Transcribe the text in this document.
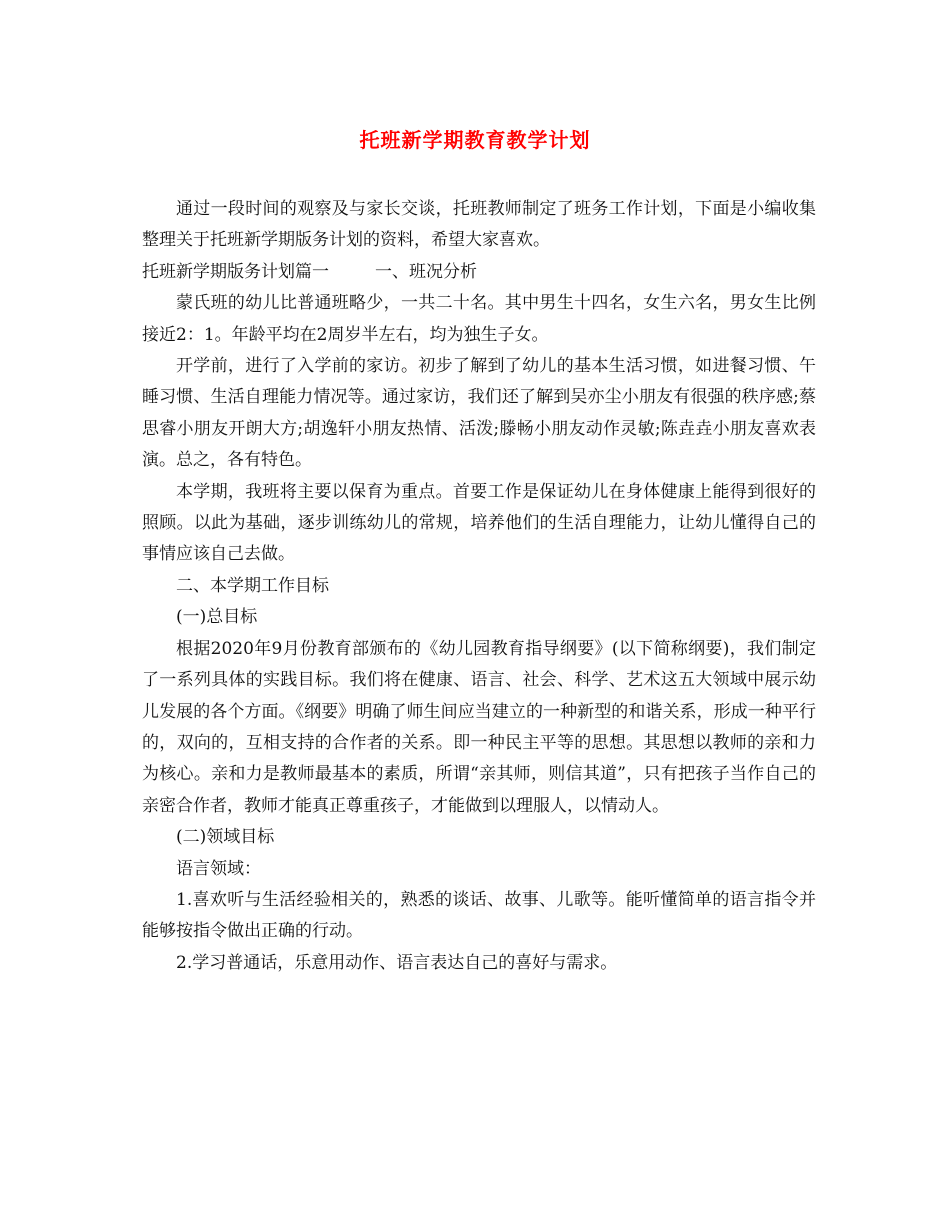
托班新学期教育教学计划

通过一段时间的观察及与家长交谈，托班教师制定了班务工作计划，下面是小编收集整理关于托班新学期版务计划的资料，希望大家喜欢。

托班新学期版务计划篇一	一、班况分析

蒙氏班的幼儿比普通班略少，一共二十名。其中男生十四名，女生六名，男女生比例接近2：1。年龄平均在2周岁半左右，均为独生子女。

开学前，进行了入学前的家访。初步了解到了幼儿的基本生活习惯，如进餐习惯、午睡习惯、生活自理能力情况等。通过家访，我们还了解到吴亦尘小朋友有很强的秩序感;蔡思睿小朋友开朗大方;胡逸轩小朋友热情、活泼;滕畅小朋友动作灵敏;陈垚垚小朋友喜欢表演。总之，各有特色。

本学期，我班将主要以保育为重点。首要工作是保证幼儿在身体健康上能得到很好的照顾。以此为基础，逐步训练幼儿的常规，培养他们的生活自理能力，让幼儿懂得自己的事情应该自己去做。

二、本学期工作目标

(一)总目标

根据2020年9月份教育部颁布的《幼儿园教育指导纲要》(以下简称纲要)，我们制定了一系列具体的实践目标。我们将在健康、语言、社会、科学、艺术这五大领域中展示幼儿发展的各个方面。《纲要》明确了师生间应当建立的一种新型的和谐关系，形成一种平行的，双向的，互相支持的合作者的关系。即一种民主平等的思想。其思想以教师的亲和力为核心。亲和力是教师最基本的素质，所谓“亲其师，则信其道”，只有把孩子当作自己的亲密合作者，教师才能真正尊重孩子，才能做到以理服人，以情动人。

(二)领域目标

语言领域：

1.喜欢听与生活经验相关的，熟悉的谈话、故事、儿歌等。能听懂简单的语言指令并能够按指令做出正确的行动。

2.学习普通话，乐意用动作、语言表达自己的喜好与需求。
